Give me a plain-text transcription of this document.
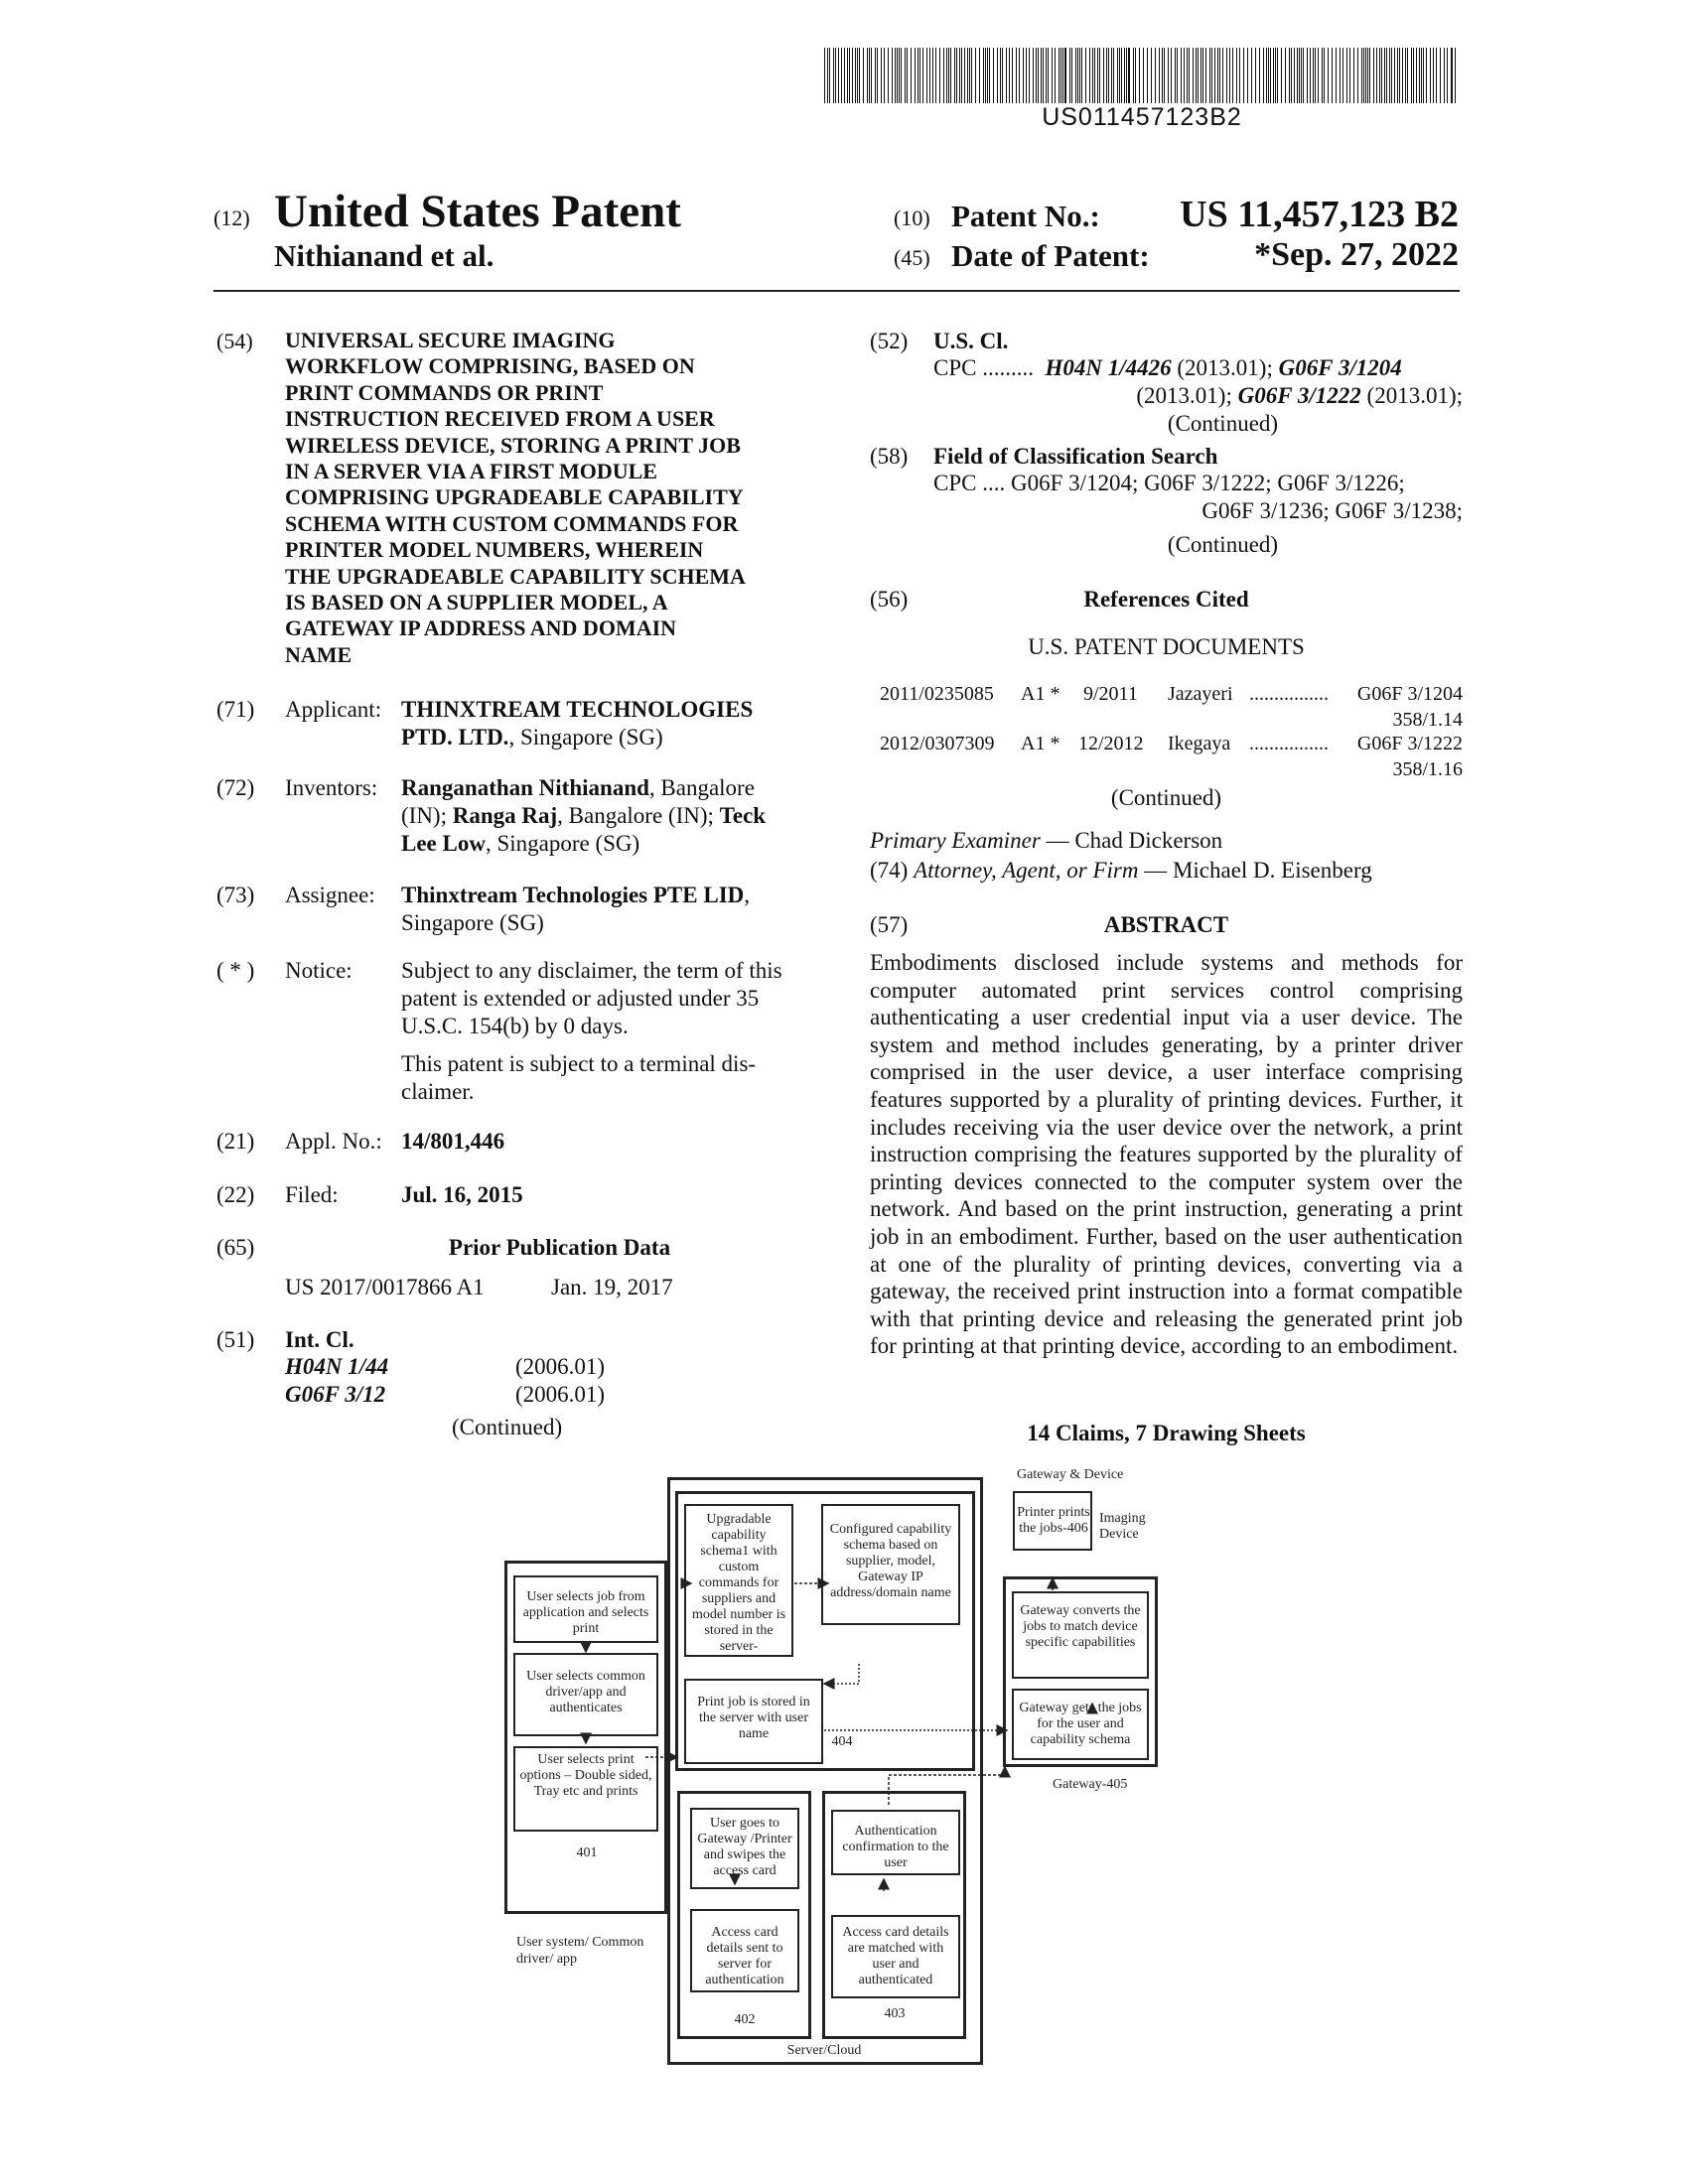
US011457123B2
(12) United States Patent
Nithianand et al.
(10) Patent No.: US 11,457,123 B2
(45) Date of Patent:	*Sep. 27, 2022
(54) UNIVERSAL SECURE IMAGING
WORKFLOW COMPRISING, BASED ON
PRINT COMMANDS OR PRINT
INSTRUCTION RECEIVED FROM A USER
WIRELESS DEVICE, STORING A PRINT JOB
IN A SERVER VIA A FIRST MODULE
COMPRISING UPGRADEABLE CAPABILITY
SCHEMA WITH CUSTOM COMMANDS FOR
PRINTER MODEL NUMBERS, WHEREIN
THE UPGRADEABLE CAPABILITY SCHEMA
IS BASED ON A SUPPLIER MODEL, A
GATEWAY IP ADDRESS AND DOMAIN
NAME
(71) Applicant: THINXTREAM TECHNOLOGIES
PTD. LTD., Singapore (SG)
(72) Inventors: Ranganathan Nithianand, Bangalore
(IN); Ranga Raj, Bangalore (IN); Teck
Lee Low, Singapore (SG)
(73) Assignee: Thinxtream Technologies PTE LID,
Singapore (SG)
( * ) Notice: Subject to any disclaimer, the term of this
patent is extended or adjusted under 35
U.S.C. 154(b) by 0 days.
This patent is subject to a terminal dis-
claimer.
(21) Appl. No.: 14/801,446
(22) Filed:	Jul. 16, 2015
(65)	Prior Publication Data
US 2017/0017866 A1	Jan. 19, 2017
(51) Int. Cl.
H04N 1/44	(2006.01)
G06F 3/12	(2006.01)
(Continued)
(52) U.S. Cl.
CPC ......... H04N 1/4426 (2013.01); G06F 3/1204
(2013.01); G06F 3/1222 (2013.01);
(Continued)
(58) Field of Classification Search
CPC .... G06F 3/1204; G06F 3/1222; G06F 3/1226;
G06F 3/1236; G06F 3/1238;
(Continued)
(56)	References Cited
U.S. PATENT DOCUMENTS
2011/0235085 A1 * 9/2011 Jazayeri ................ G06F 3/1204
358/1.14
2012/0307309 A1 * 12/2012 Ikegaya ................ G06F 3/1222
358/1.16
(Continued)
Primary Examiner — Chad Dickerson
(74) Attorney, Agent, or Firm — Michael D. Eisenberg
(57)	ABSTRACT
Embodiments disclosed include systems and methods for computer automated print services control comprising authenticating a user credential input via a user device. The system and method includes generating, by a printer driver comprised in the user device, a user interface comprising features supported by a plurality of printing devices. Further, it includes receiving via the user device over the network, a print instruction comprising the features supported by the plurality of printing devices connected to the computer system over the network. And based on the print instruction, generating a print job in an embodiment. Further, based on the user authentication at one of the plurality of printing devices, converting via a gateway, the received print instruction into a format compatible with that printing device and releasing the generated print job for printing at that printing device, according to an embodiment.
14 Claims, 7 Drawing Sheets
Gateway & Device
Printer prints the jobs-406
Imaging Device
Gateway converts the jobs to match device specific capabilities
Gateway gets the jobs for the user and capability schema
Gateway-405
Upgradable capability schema1 with custom commands for suppliers and model number is stored in the server-
Configured capability schema based on supplier, model, Gateway IP address/domain name
Print job is stored in the server with user name
404
User goes to Gateway /Printer and swipes the access card
Access card details sent to server for authentication
402
Authentication confirmation to the user
Access card details are matched with user and authenticated
403
Server/Cloud
User selects job from application and selects print
User selects common driver/app and authenticates
User selects print options – Double sided, Tray etc and prints
401
User system/ Common driver/ app
